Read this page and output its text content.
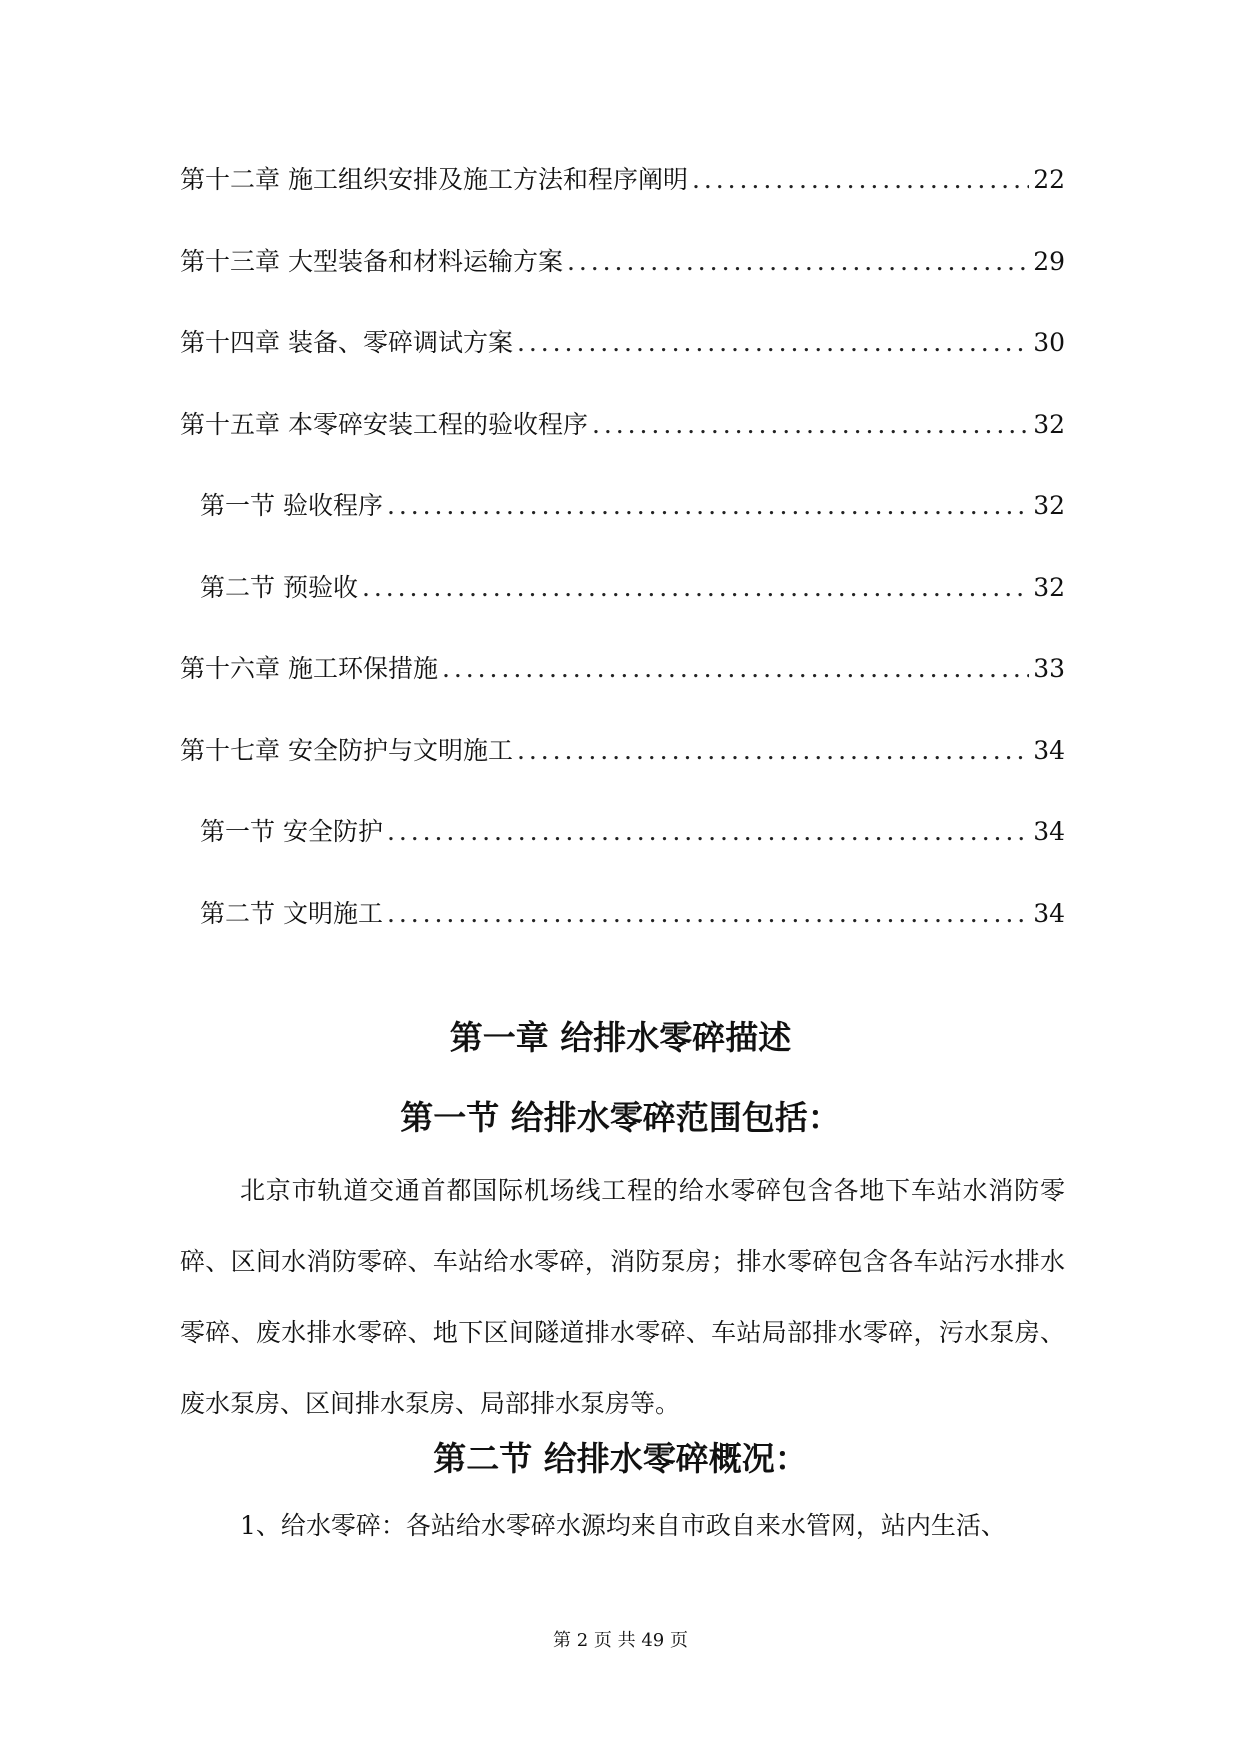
第十二章 施工组织安排及施工方法和程序阐明 . . .	22
第十三章 大型装备和材料运输方案 . . .	29
第十四章 装备、零碎调试方案 . . .	30
第十五章 本零碎安装工程的验收程序 . . .	32
第一节 验收程序 . . .	32
第二节 预验收 . . .	32
第十六章 施工环保措施 . . .	33
第十七章 安全防护与文明施工 . . .	34
第一节 安全防护 . . .	34
第二节 文明施工 . . .	34
第一章 给排水零碎描述
第一节 给排水零碎范围包括：
北京市轨道交通首都国际机场线工程的给水零碎包含各地下车站水消防零碎、区间水消防零碎、车站给水零碎，消防泵房；排水零碎包含各车站污水排水零碎、废水排水零碎、地下区间隧道排水零碎、车站局部排水零碎，污水泵房、废水泵房、区间排水泵房、局部排水泵房等。
第二节 给排水零碎概况：
1、给水零碎：各站给水零碎水源均来自市政自来水管网，站内生活、
第 2 页 共 49 页
